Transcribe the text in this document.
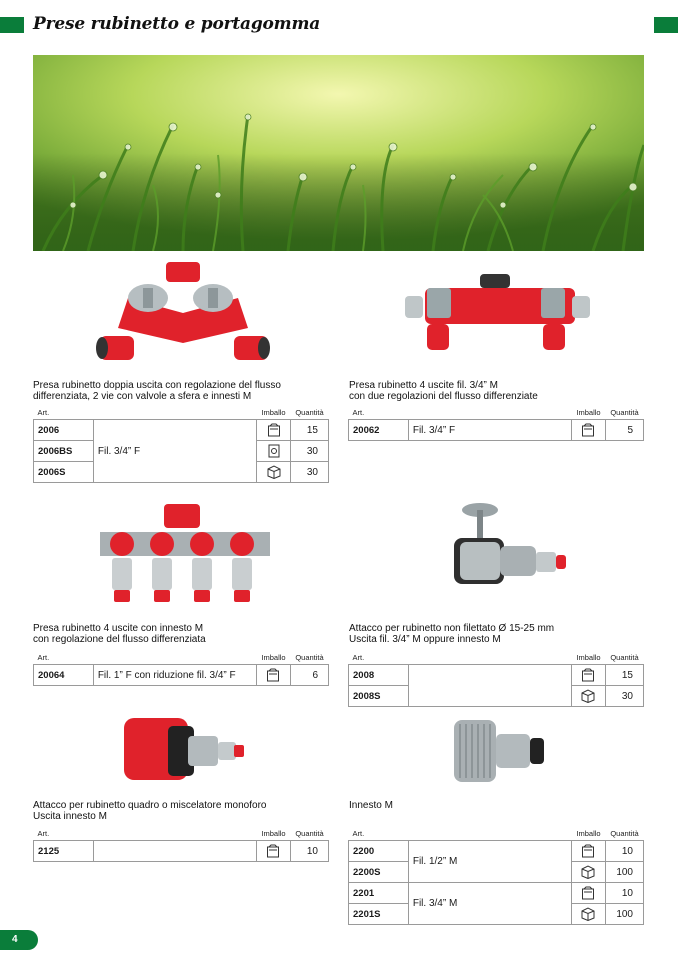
Prese rubinetto e portagomma
Presa rubinetto doppia uscita con regolazione del flusso
differenziata, 2 vie con valvole a sfera e innesti M
Art.		Imballo	Quantità
2006	Fil. 3/4” F		15
2006BS			30
2006S			30
Presa rubinetto 4 uscite fil. 3/4” M
con due regolazioni del flusso differenziate
Art.		Imballo	Quantità
20062	Fil. 3/4” F		5
Presa rubinetto 4 uscite con innesto M
con regolazione del flusso differenziata
Art.		Imballo	Quantità
20064	Fil. 1” F con riduzione fil. 3/4” F		6
Attacco per rubinetto non filettato Ø 15-25 mm
Uscita fil. 3/4” M oppure innesto M
Art.		Imballo	Quantità
2008			15
2008S			30
Attacco per rubinetto quadro o miscelatore monoforo
Uscita innesto M
Art.		Imballo	Quantità
2125			10
Innesto M
Art.		Imballo	Quantità
2200	Fil. 1/2” M		10
2200S			100
2201	Fil. 3/4” M		10
2201S			100
4
